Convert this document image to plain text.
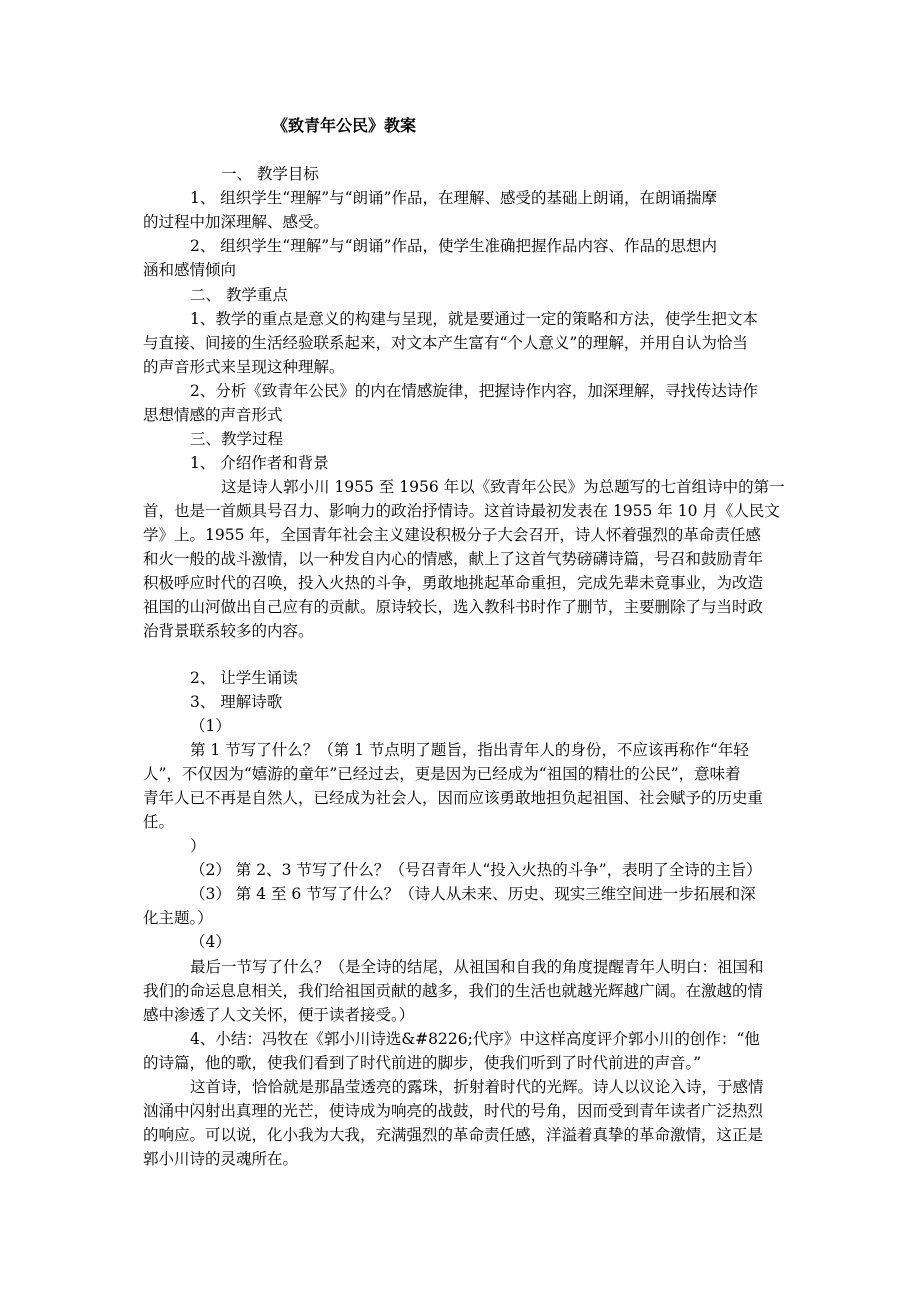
《致青年公民》教案
一、 教学目标
1、 组织学生“理解”与“朗诵”作品，在理解、感受的基础上朗诵，在朗诵揣摩
的过程中加深理解、感受。
2、 组织学生“理解”与“朗诵”作品，使学生准确把握作品内容、作品的思想内
涵和感情倾向
二、 教学重点
1、教学的重点是意义的构建与呈现，就是要通过一定的策略和方法，使学生把文本
与直接、间接的生活经验联系起来，对文本产生富有“个人意义”的理解，并用自认为恰当
的声音形式来呈现这种理解。
2、分析《致青年公民》的内在情感旋律，把握诗作内容，加深理解，寻找传达诗作
思想情感的声音形式
三、教学过程
1、 介绍作者和背景
这是诗人郭小川 1955 至 1956 年以《致青年公民》为总题写的七首组诗中的第一
首，也是一首颇具号召力、影响力的政治抒情诗。这首诗最初发表在 1955 年 10 月《人民文
学》上。1955 年，全国青年社会主义建设积极分子大会召开，诗人怀着强烈的革命责任感
和火一般的战斗激情，以一种发自内心的情感，献上了这首气势磅礴诗篇，号召和鼓励青年
积极呼应时代的召唤，投入火热的斗争，勇敢地挑起革命重担，完成先辈未竟事业，为改造
祖国的山河做出自己应有的贡献。原诗较长，选入教科书时作了删节，主要删除了与当时政
治背景联系较多的内容。
2、 让学生诵读
3、 理解诗歌
（1）
第 1 节写了什么？（第 1 节点明了题旨，指出青年人的身份，不应该再称作“年轻
人”，不仅因为“嬉游的童年”已经过去，更是因为已经成为“祖国的精壮的公民”，意味着
青年人已不再是自然人，已经成为社会人，因而应该勇敢地担负起祖国、社会赋予的历史重
任。
）
（2） 第 2、3 节写了什么？（号召青年人“投入火热的斗争”，表明了全诗的主旨）
（3） 第 4 至 6 节写了什么？（诗人从未来、历史、现实三维空间进一步拓展和深
化主题。）
（4）
最后一节写了什么？（是全诗的结尾，从祖国和自我的角度提醒青年人明白：祖国和
我们的命运息息相关，我们给祖国贡献的越多，我们的生活也就越光辉越广阔。在激越的情
感中渗透了人文关怀，便于读者接受。）
4、小结：冯牧在《郭小川诗选&#8226;代序》中这样高度评介郭小川的创作：“他
的诗篇，他的歌，使我们看到了时代前进的脚步，使我们听到了时代前进的声音。”
这首诗，恰恰就是那晶莹透亮的露珠，折射着时代的光辉。诗人以议论入诗，于感情
汹涌中闪射出真理的光芒，使诗成为响亮的战鼓，时代的号角，因而受到青年读者广泛热烈
的响应。可以说，化小我为大我，充满强烈的革命责任感，洋溢着真挚的革命激情，这正是
郭小川诗的灵魂所在。
